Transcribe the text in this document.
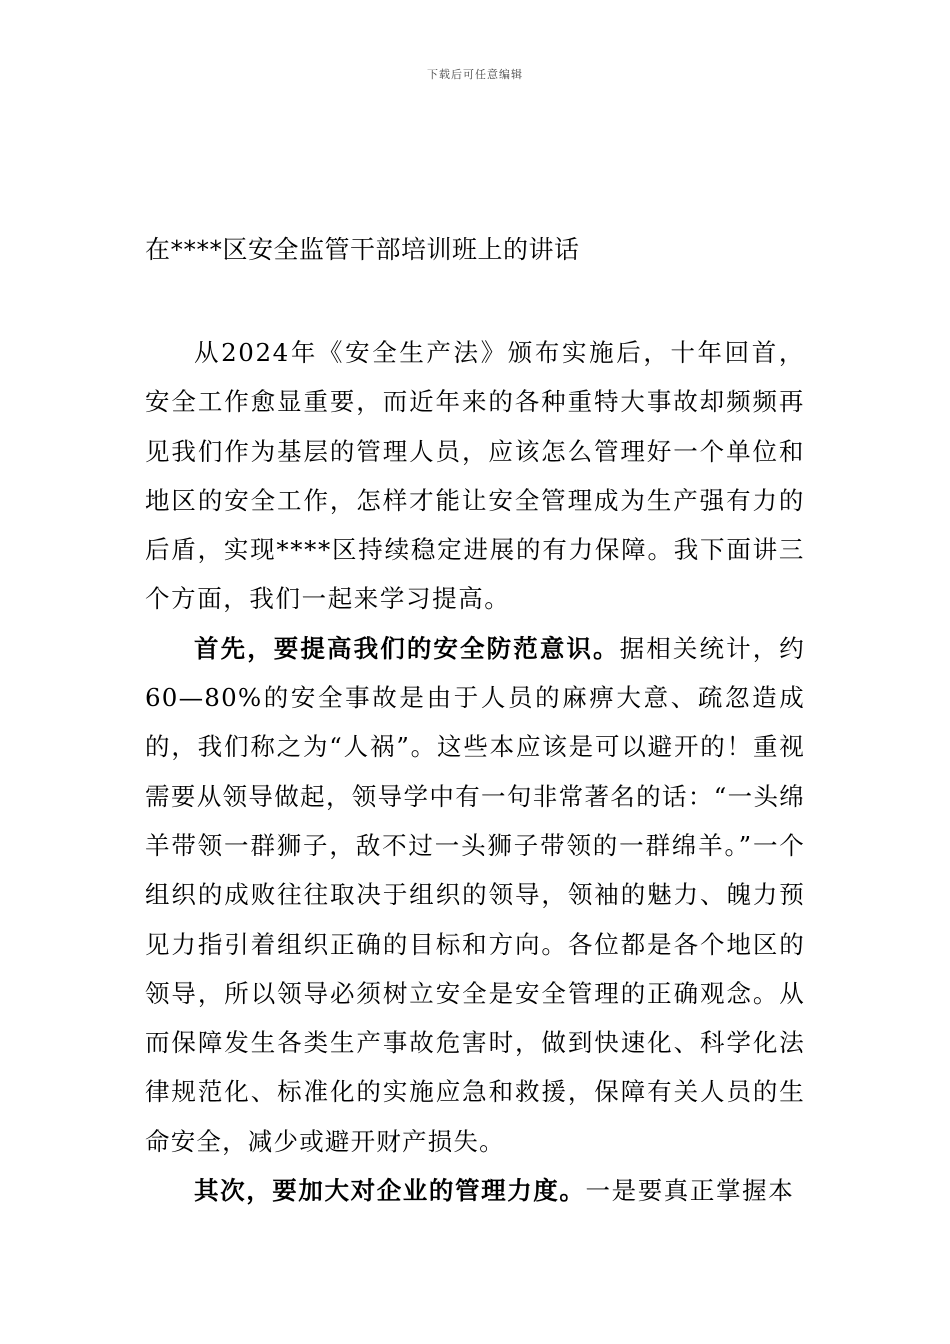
下载后可任意编辑
在****区安全监管干部培训班上的讲话

从2024年《安全生产法》颁布实施后，十年回首，安全工作愈显重要，而近年来的各种重特大事故却频频再见我们作为基层的管理人员，应该怎么管理好一个单位和地区的安全工作，怎样才能让安全管理成为生产强有力的后盾，实现****区持续稳定进展的有力保障。我下面讲三个方面，我们一起来学习提高。

首先，要提高我们的安全防范意识。据相关统计，约60—80%的安全事故是由于人员的麻痹大意、疏忽造成的，我们称之为“人祸”。这些本应该是可以避开的！重视需要从领导做起，领导学中有一句非常著名的话：“一头绵羊带领一群狮子，敌不过一头狮子带领的一群绵羊。”一个组织的成败往往取决于组织的领导，领袖的魅力、魄力预见力指引着组织正确的目标和方向。各位都是各个地区的领导，所以领导必须树立安全是安全管理的正确观念。从而保障发生各类生产事故危害时，做到快速化、科学化法律规范化、标准化的实施应急和救援，保障有关人员的生命安全，减少或避开财产损失。

其次，要加大对企业的管理力度。一是要真正掌握本
